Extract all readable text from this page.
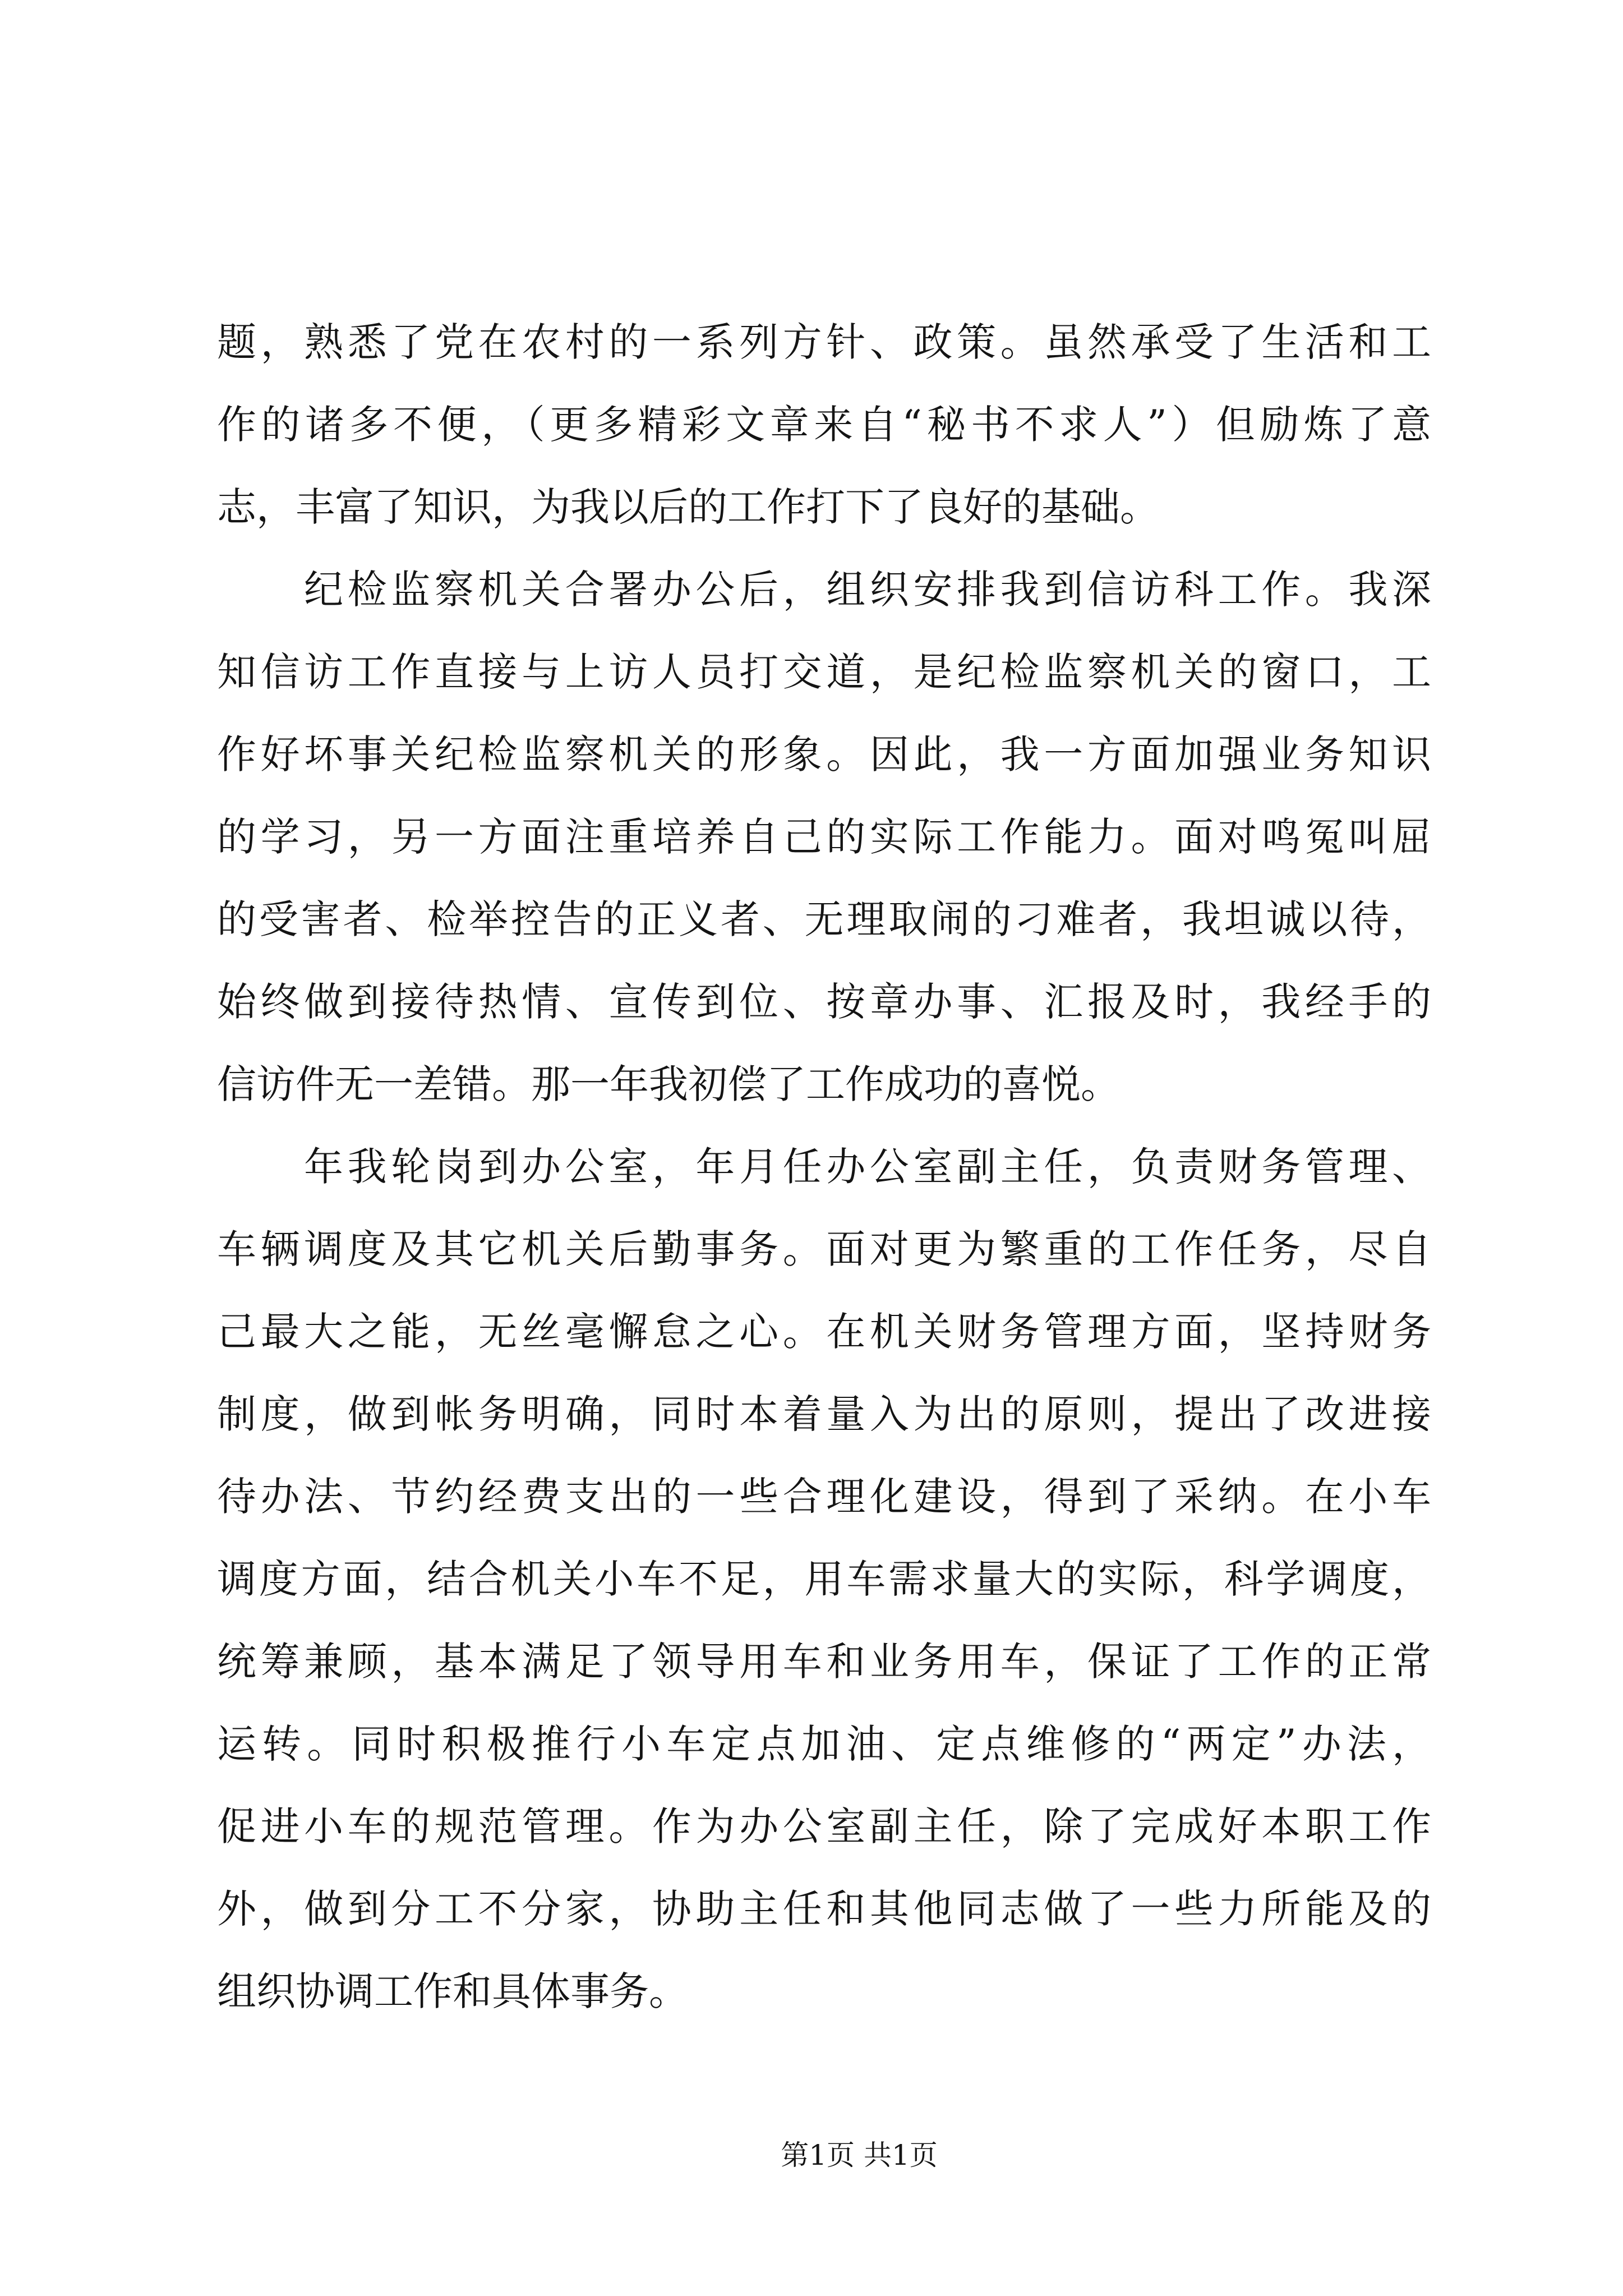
题，熟悉了党在农村的一系列方针、政策。虽然承受了生活和工
作的诸多不便，（更多精彩文章来自“秘书不求人”）但励炼了意
志，丰富了知识，为我以后的工作打下了良好的基础。
纪检监察机关合署办公后，组织安排我到信访科工作。我深
知信访工作直接与上访人员打交道，是纪检监察机关的窗口，工
作好坏事关纪检监察机关的形象。因此，我一方面加强业务知识
的学习，另一方面注重培养自己的实际工作能力。面对鸣冤叫屈
的受害者、检举控告的正义者、无理取闹的刁难者，我坦诚以待，
始终做到接待热情、宣传到位、按章办事、汇报及时，我经手的
信访件无一差错。那一年我初偿了工作成功的喜悦。
年我轮岗到办公室，年月任办公室副主任，负责财务管理、
车辆调度及其它机关后勤事务。面对更为繁重的工作任务，尽自
己最大之能，无丝毫懈怠之心。在机关财务管理方面，坚持财务
制度，做到帐务明确，同时本着量入为出的原则，提出了改进接
待办法、节约经费支出的一些合理化建设，得到了采纳。在小车
调度方面，结合机关小车不足，用车需求量大的实际，科学调度，
统筹兼顾，基本满足了领导用车和业务用车，保证了工作的正常
运转。同时积极推行小车定点加油、定点维修的“两定”办法，
促进小车的规范管理。作为办公室副主任，除了完成好本职工作
外，做到分工不分家，协助主任和其他同志做了一些力所能及的
组织协调工作和具体事务。
第1页 共1页
